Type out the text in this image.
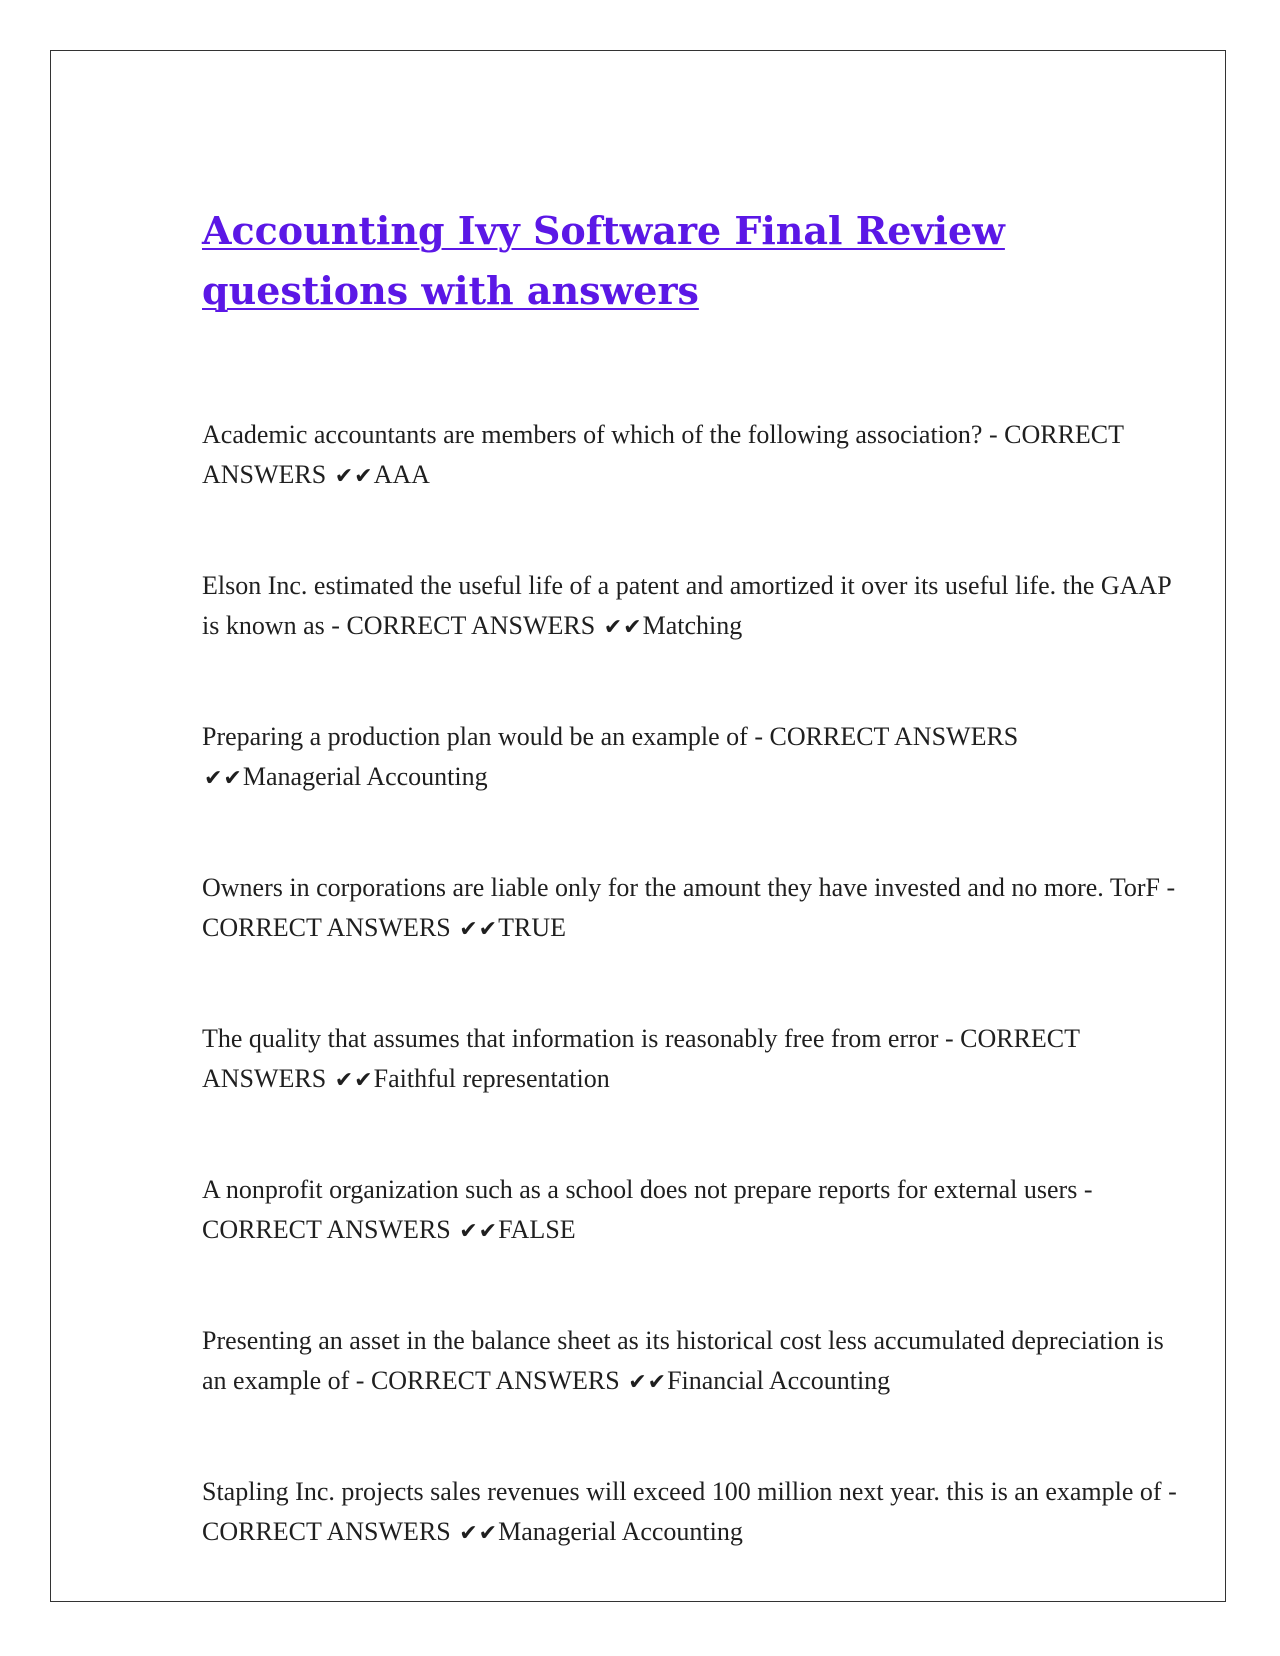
Accounting Ivy Software Final Review questions with answers
Academic accountants are members of which of the following association? - CORRECT ANSWERS ✔✔AAA
Elson Inc. estimated the useful life of a patent and amortized it over its useful life. the GAAP is known as - CORRECT ANSWERS ✔✔Matching
Preparing a production plan would be an example of - CORRECT ANSWERS ✔✔Managerial Accounting
Owners in corporations are liable only for the amount they have invested and no more. TorF - CORRECT ANSWERS ✔✔TRUE
The quality that assumes that information is reasonably free from error - CORRECT ANSWERS ✔✔Faithful representation
A nonprofit organization such as a school does not prepare reports for external users - CORRECT ANSWERS ✔✔FALSE
Presenting an asset in the balance sheet as its historical cost less accumulated depreciation is an example of - CORRECT ANSWERS ✔✔Financial Accounting
Stapling Inc. projects sales revenues will exceed 100 million next year. this is an example of - CORRECT ANSWERS ✔✔Managerial Accounting
